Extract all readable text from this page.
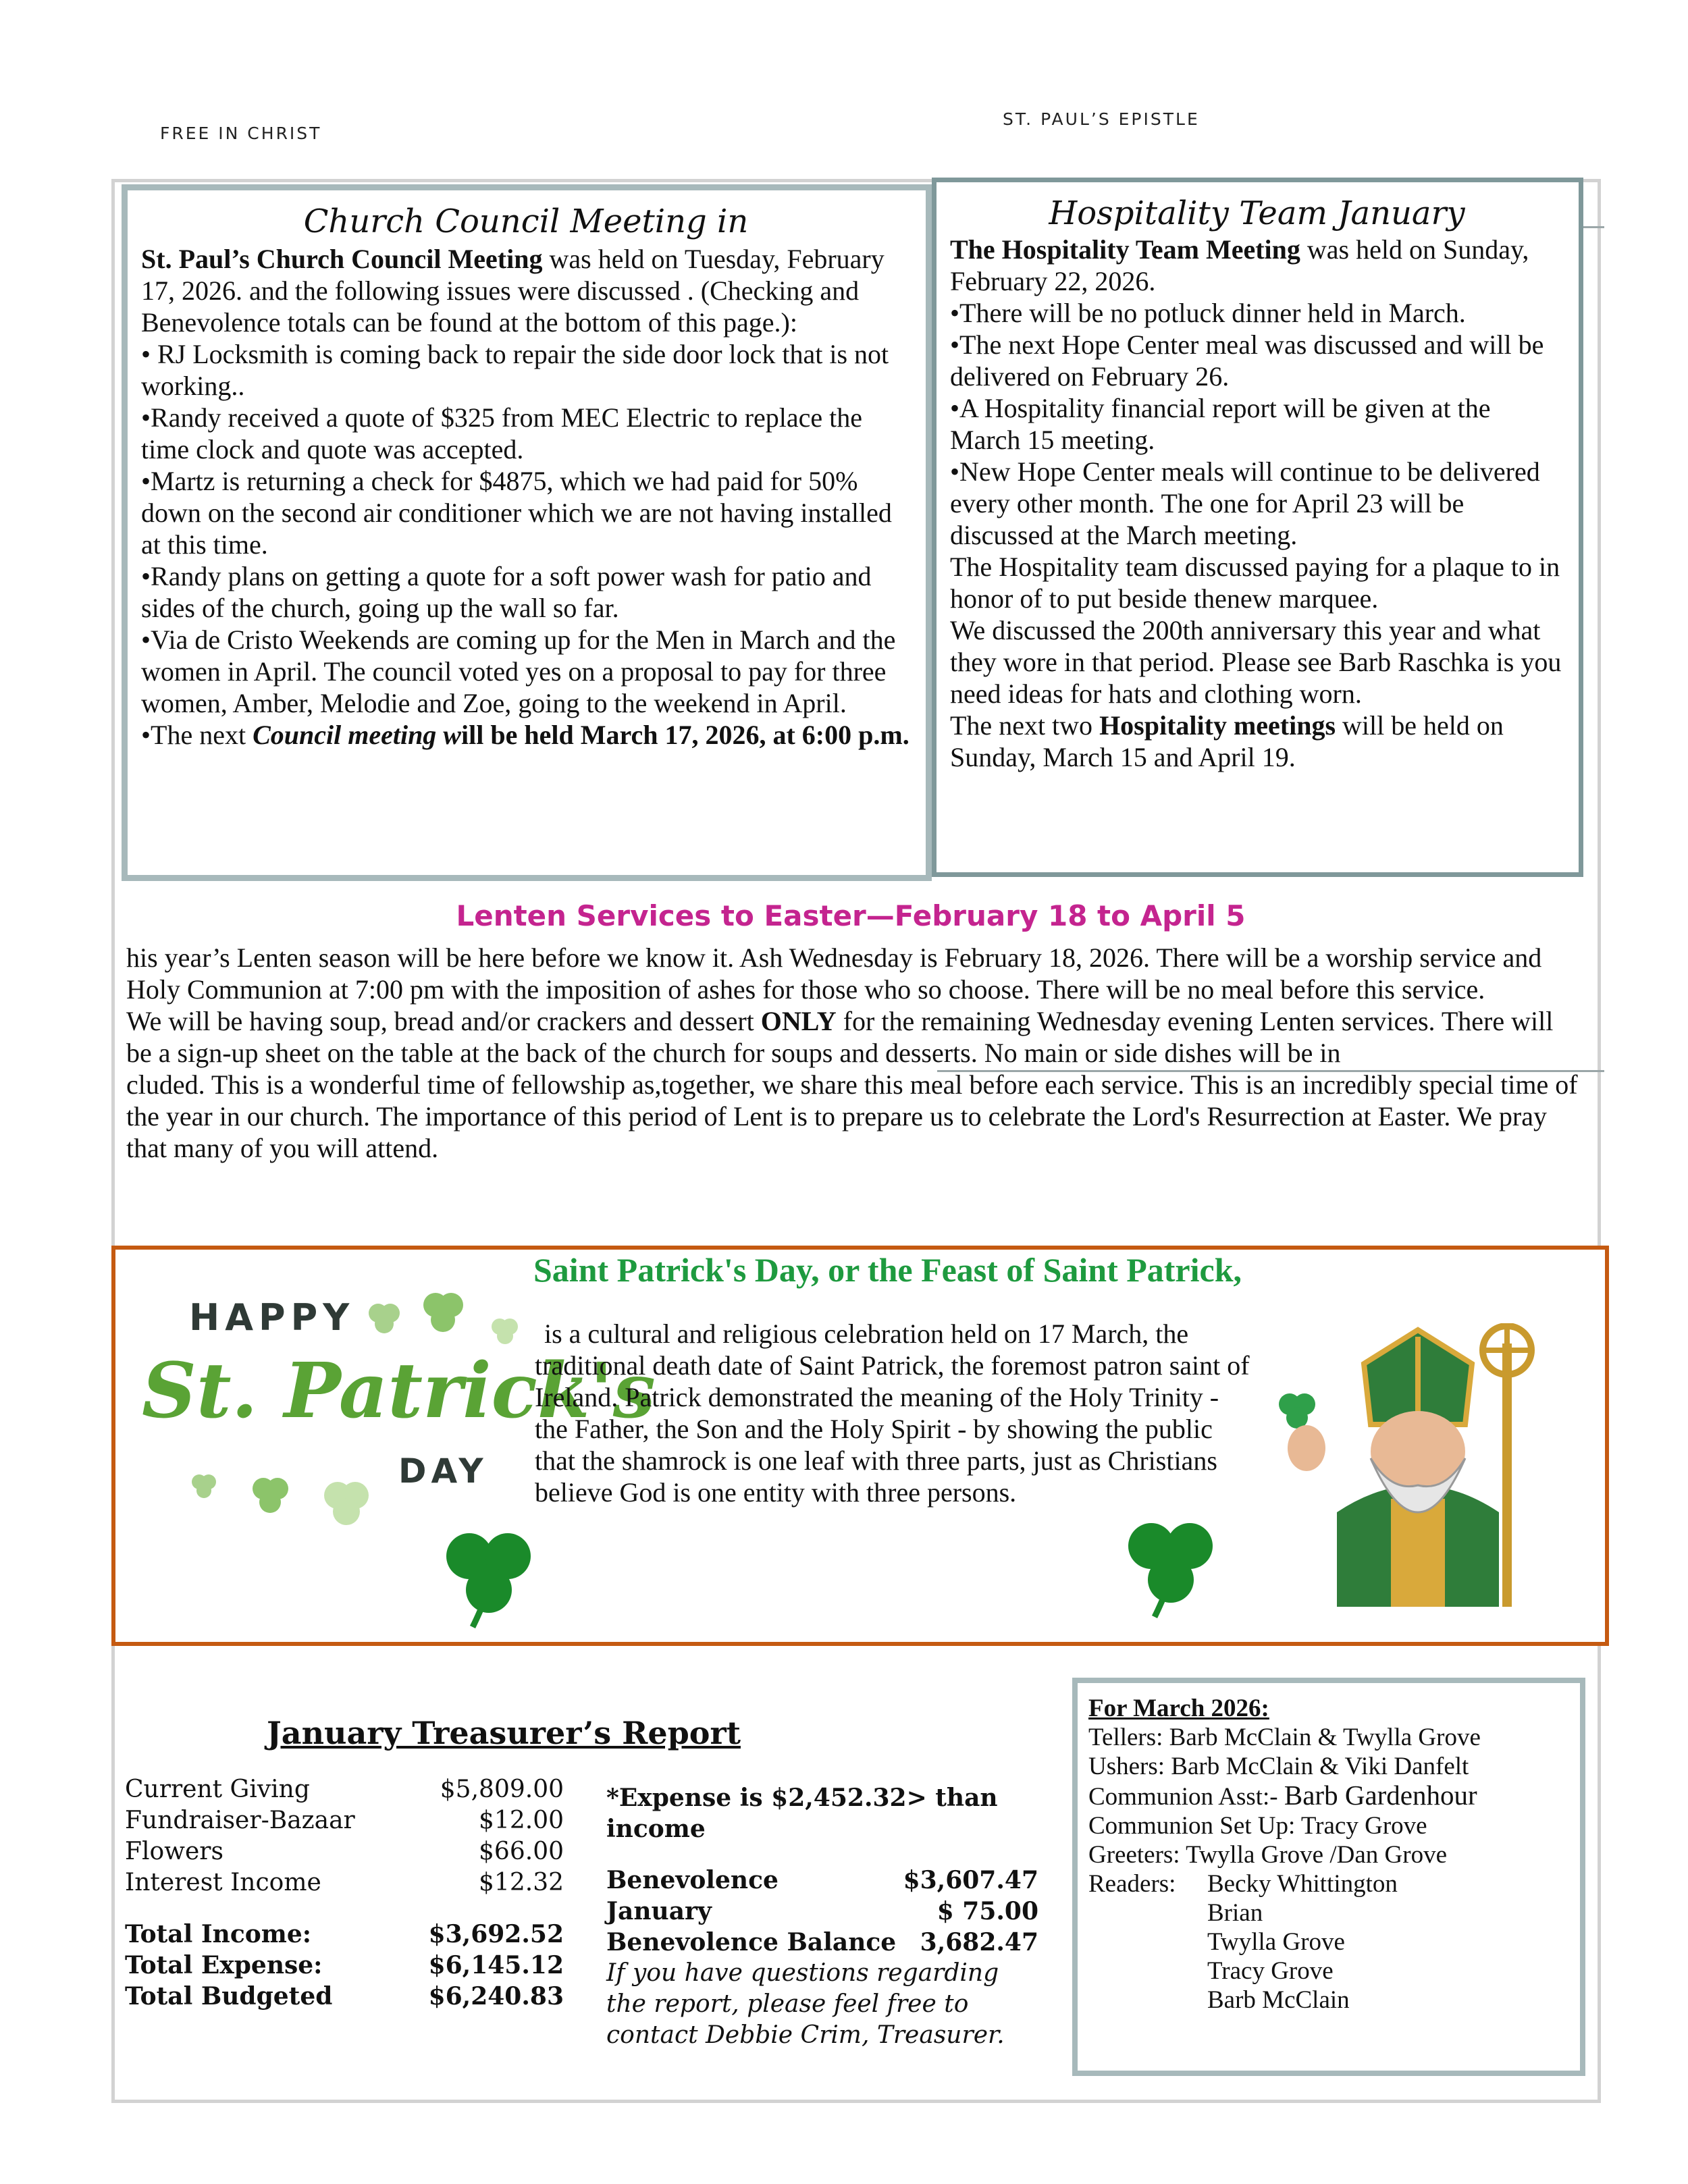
FREE IN CHRIST
ST. PAUL’S EPISTLE
Church Council Meeting in

St. Paul’s Church Council Meeting was held on Tuesday, February 17, 2026. and the following issues were discussed . (Checking and Benevolence totals can be found at the bottom of this page.):

• RJ Locksmith is coming back to repair the side door lock that is not working..

•Randy received a quote of $325 from MEC Electric to replace the time clock and quote was accepted.

•Martz is returning a check for $4875, which we had paid for 50% down on the second air conditioner which we are not having installed at this time.

•Randy plans on getting a quote for a soft power wash for patio and sides of the church, going up the wall so far.

•Via de Cristo Weekends are coming up for the Men in March and the women in April. The council voted yes on a proposal to pay for three women, Amber, Melodie and Zoe, going to the weekend in April.

•The next Council meeting will be held March 17, 2026, at 6:00 p.m.

Hospitality Team January

The Hospitality Team Meeting was held on Sunday, February 22, 2026.

•There will be no potluck dinner held in March.

•The next Hope Center meal was discussed and will be delivered on February 26.

•A Hospitality financial report will be given at the March 15 meeting.

•New Hope Center meals will continue to be delivered every other month. The one for April 23 will be discussed at the March meeting.

The Hospitality team discussed paying for a plaque to in honor of to put beside thenew marquee.

We discussed the 200th anniversary this year and what they wore in that period. Please see Barb Raschka is you need ideas for hats and clothing worn.

The next two Hospitality meetings will be held on Sunday, March 15 and April 19.

Lenten Services to Easter—February 18 to April 5

his year’s Lenten season will be here before we know it. Ash Wednesday is February 18, 2026. There will be a worship service and Holy Communion at 7:00 pm with the imposition of ashes for those who so choose. There will be no meal before this service.

We will be having soup, bread and/or crackers and dessert ONLY for the remaining Wednesday evening Lenten services. There will be a sign-up sheet on the table at the back of the church for soups and desserts. No main or side dishes will be in

cluded. This is a wonderful time of fellowship as,together, we share this meal before each service. This is an incredibly special time of the year in our church. The importance of this period of Lent is to prepare us to celebrate the Lord's Resurrection at Easter. We pray that many of you will attend.

HAPPY
St. Patrick's
DAY
Saint Patrick's Day, or the Feast of Saint Patrick,
is a cultural and religious celebration held on 17 March, the traditional death date of Saint Patrick, the foremost patron saint of Ireland. Patrick demonstrated the meaning of the Holy Trinity - the Father, the Son and the Holy Spirit - by showing the public that the shamrock is one leaf with three parts, just as Christians believe God is one entity with three persons.
January Treasurer’s Report
Current Giving	$5,809.00
Fundraiser-Bazaar	$12.00
Flowers	$66.00
Interest Income	$12.32
Total Income:	$3,692.52
Total Expense:	$6,145.12
Total Budgeted	$6,240.83
*Expense is $2,452.32> than income
Benevolence	$3,607.47
January	$ 75.00
Benevolence Balance 3,682.47
If you have questions regarding the report, please feel free to contact Debbie Crim, Treasurer.

For March 2026:

Tellers: Barb McClain & Twylla Grove

Ushers: Barb McClain & Viki Danfelt

Communion Asst:- Barb Gardenhour

Communion Set Up: Tracy Grove

Greeters: Twylla Grove /Dan Grove

Readers:	Becky Whittington

Brian

Twylla Grove

Tracy Grove

Barb McClain
